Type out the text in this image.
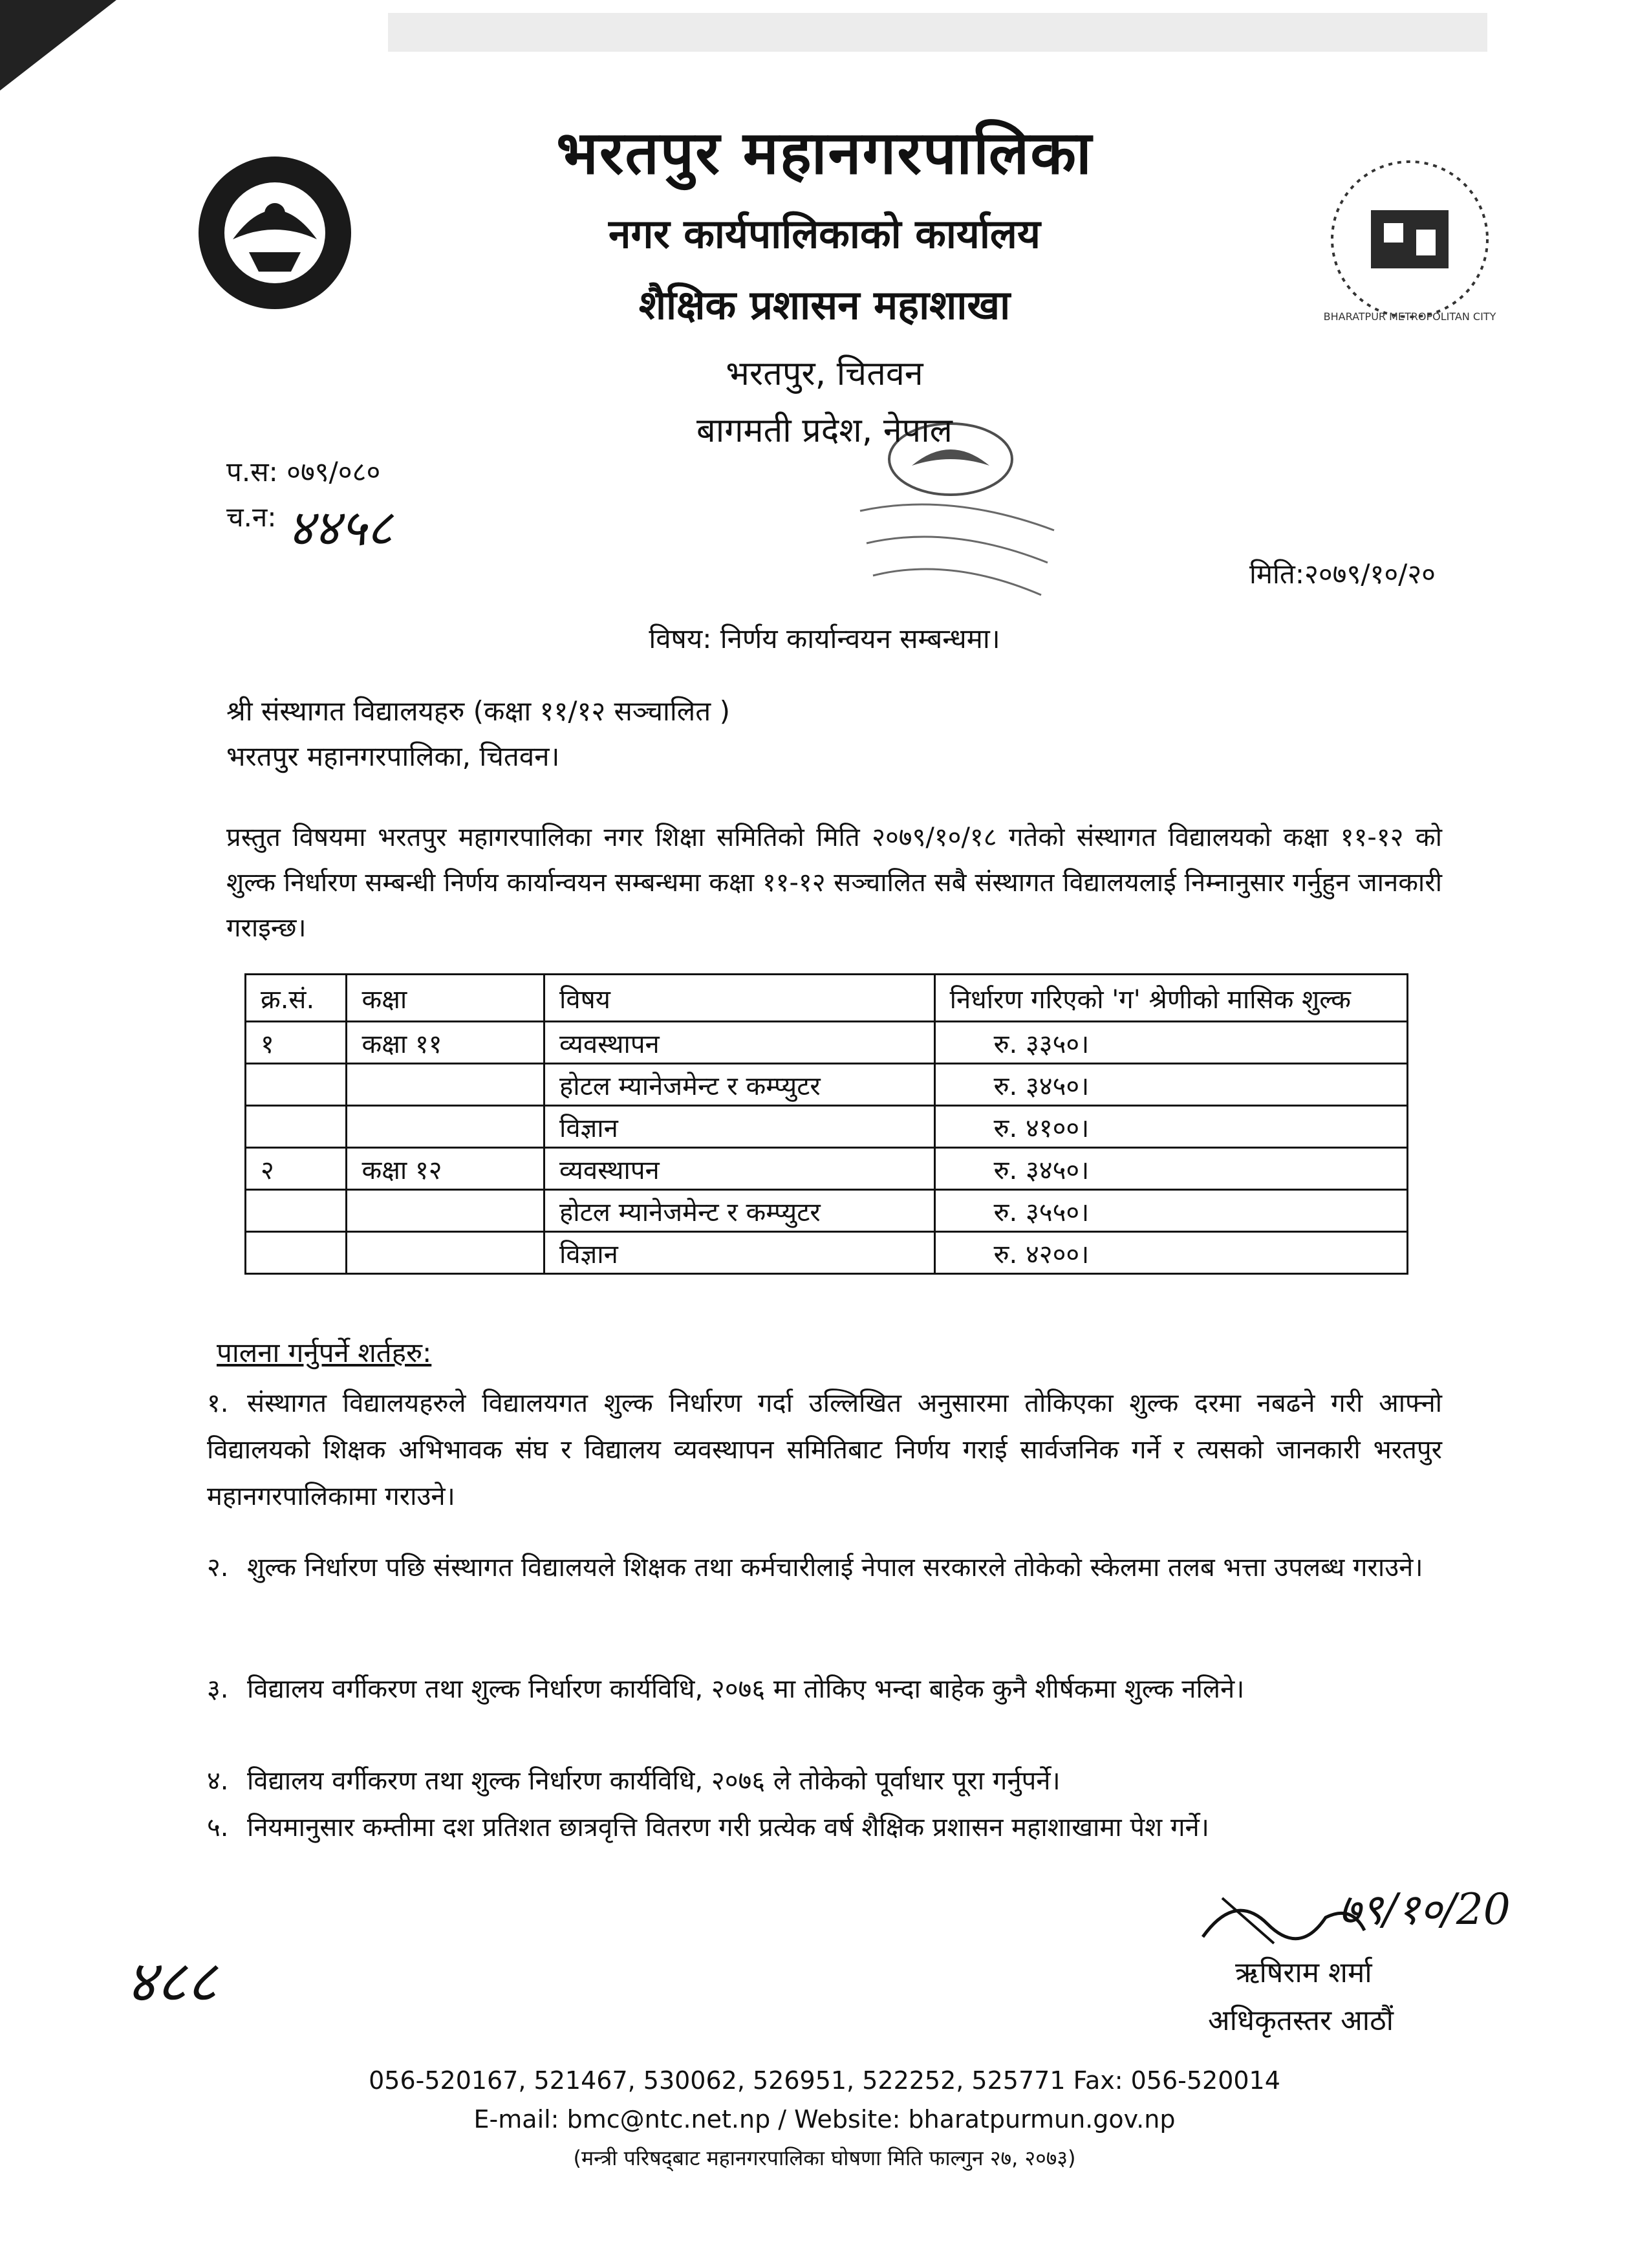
BHARATPUR METROPOLITAN CITY
भरतपुर महानगरपालिका
नगर कार्यपालिकाको कार्यालय
शैक्षिक प्रशासन महाशाखा
भरतपुर, चितवन
बागमती प्रदेश, नेपाल
प.स: ०७९/०८०
च.न: ४४५८
मिति:२०७९/१०/२०
विषय: निर्णय कार्यान्वयन सम्बन्धमा।
श्री संस्थागत विद्यालयहरु (कक्षा ११/१२ सञ्चालित )
भरतपुर महानगरपालिका, चितवन।
प्रस्तुत विषयमा भरतपुर महागरपालिका नगर शिक्षा समितिको मिति २०७९/१०/१८ गतेको संस्थागत विद्यालयको कक्षा ११-१२ को शुल्क निर्धारण सम्बन्धी निर्णय कार्यान्वयन सम्बन्धमा कक्षा ११-१२ सञ्चालित सबै संस्थागत विद्यालयलाई निम्नानुसार गर्नुहुन जानकारी गराइन्छ।
क्र.सं.	कक्षा	विषय	निर्धारण गरिएको 'ग' श्रेणीको मासिक शुल्क
१	कक्षा ११	व्यवस्थापन	रु. ३३५०।
		होटल म्यानेजमेन्ट र कम्प्युटर	रु. ३४५०।
		विज्ञान	रु. ४१००।
२	कक्षा १२	व्यवस्थापन	रु. ३४५०।
		होटल म्यानेजमेन्ट र कम्प्युटर	रु. ३५५०।
		विज्ञान	रु. ४२००।
पालना गर्नुपर्ने शर्तहरु:
१. संस्थागत विद्यालयहरुले विद्यालयगत शुल्क निर्धारण गर्दा उल्लिखित अनुसारमा तोकिएका शुल्क दरमा नबढने गरी आफ्नो विद्यालयको शिक्षक अभिभावक संघ र विद्यालय व्यवस्थापन समितिबाट निर्णय गराई सार्वजनिक गर्ने र त्यसको जानकारी भरतपुर महानगरपालिकामा गराउने।
२. शुल्क निर्धारण पछि संस्थागत विद्यालयले शिक्षक तथा कर्मचारीलाई नेपाल सरकारले तोकेको स्केलमा तलब भत्ता उपलब्ध गराउने।
३. विद्यालय वर्गीकरण तथा शुल्क निर्धारण कार्यविधि, २०७६ मा तोकिए भन्दा बाहेक कुनै शीर्षकमा शुल्क नलिने।
४. विद्यालय वर्गीकरण तथा शुल्क निर्धारण कार्यविधि, २०७६ ले तोकेको पूर्वाधार पूरा गर्नुपर्ने।
५. नियमानुसार कम्तीमा दश प्रतिशत छात्रवृत्ति वितरण गरी प्रत्येक वर्ष शैक्षिक प्रशासन महाशाखामा पेश गर्ने।
७९/१०/20
ऋषिराम शर्मा
अधिकृतस्तर आठौं
४८८
056-520167, 521467, 530062, 526951, 522252, 525771 Fax: 056-520014
E-mail: bmc@ntc.net.np / Website: bharatpurmun.gov.np
(मन्त्री परिषद्‌बाट महानगरपालिका घोषणा मिति फाल्गुन २७, २०७३)
